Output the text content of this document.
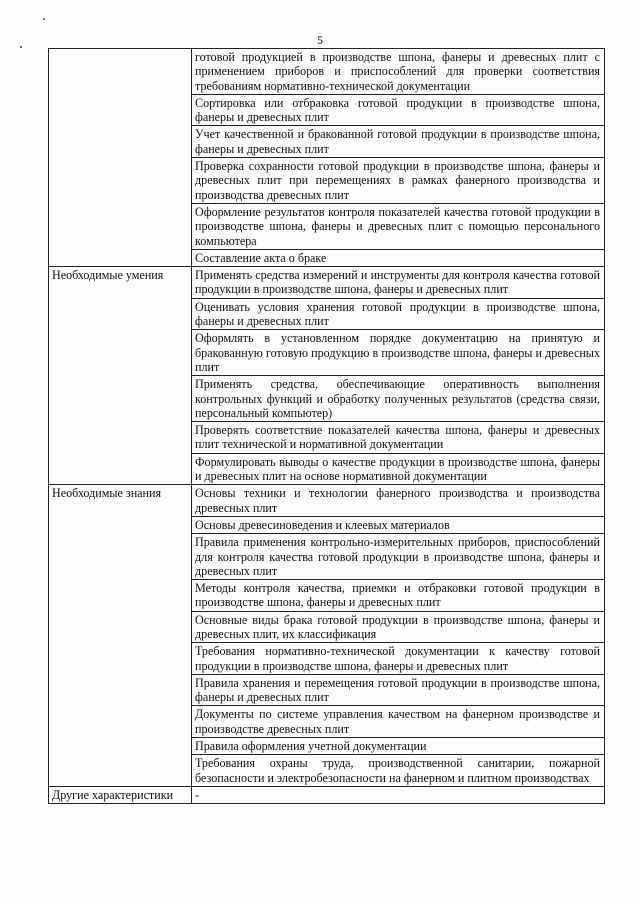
5

	готовой продукцией в производстве шпона, фанеры и древесных плит с применением приборов и приспособлений для проверки соответствия требованиям нормативно-технической документации

	Сортировка или отбраковка готовой продукции в производстве шпона, фанеры и древесных плит

	Учет качественной и бракованной готовой продукции в производстве шпона, фанеры и древесных плит

	Проверка сохранности готовой продукции в производстве шпона, фанеры и древесных плит при перемещениях в рамках фанерного производства и производства древесных плит

	Оформление результатов контроля показателей качества готовой продукции в производстве шпона, фанеры и древесных плит с помощью персонального компьютера

	Составление акта о браке

Необходимые умения	Применять средства измерений и инструменты для контроля качества готовой продукции в производстве шпона, фанеры и древесных плит

	Оценивать условия хранения готовой продукции в производстве шпона, фанеры и древесных плит

	Оформлять в установленном порядке документацию на принятую и бракованную готовую продукцию в производстве шпона, фанеры и древесных плит

	Применять средства, обеспечивающие оперативность выполнения контрольных функций и обработку полученных результатов (средства связи, персональный компьютер)

	Проверять соответствие показателей качества шпона, фанеры и древесных плит технической и нормативной документации

	Формулировать выводы о качестве продукции в производстве шпона, фанеры и древесных плит на основе нормативной документации

Необходимые знания	Основы техники и технологии фанерного производства и производства древесных плит

	Основы древесиноведения и клеевых материалов

	Правила применения контрольно-измерительных приборов, приспособлений для контроля качества готовой продукции в производстве шпона, фанеры и древесных плит

	Методы контроля качества, приемки и отбраковки готовой продукции в производстве шпона, фанеры и древесных плит

	Основные виды брака готовой продукции в производстве шпона, фанеры и древесных плит, их классификация

	Требования нормативно-технической документации к качеству готовой продукции в производстве шпона, фанеры и древесных плит

	Правила хранения и перемещения готовой продукции в производстве шпона, фанеры и древесных плит

	Документы по системе управления качеством на фанерном производстве и производстве древесных плит

	Правила оформления учетной документации

	Требования охраны труда, производственной санитарии, пожарной безопасности и электробезопасности на фанерном и плитном производствах

Другие характеристики	-
